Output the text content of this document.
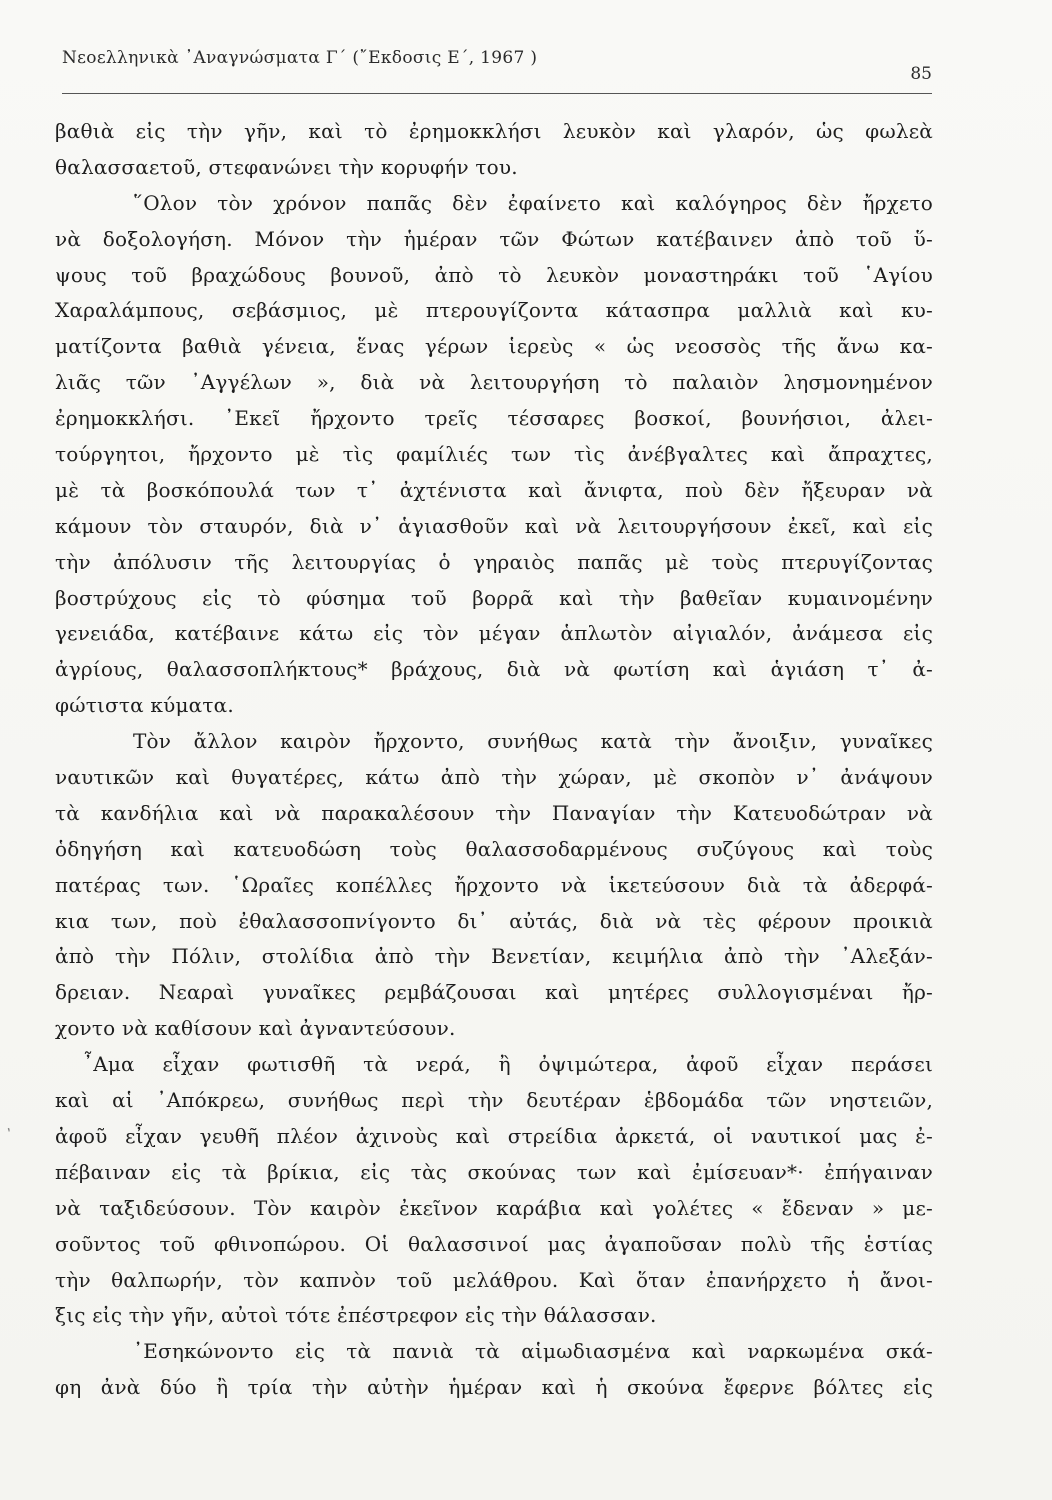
Νεοελληνικὰ ᾿Αναγνώσματα Γ΄ (῎Εκδοσις Ε΄, 1967 )
85
βαθιὰ εἰς τὴν γῆν, καὶ τὸ ἐρημοκκλήσι λευκὸν καὶ γλαρόν, ὡς φωλεὰ
θαλασσαετοῦ, στεφανώνει τὴν κορυφήν του.
῞Ολον τὸν χρόνον παπᾶς δὲν ἐφαίνετο καὶ καλόγηρος δὲν ἤρχετο
νὰ δοξολογήση. Μόνον τὴν ἡμέραν τῶν Φώτων κατέβαινεν ἀπὸ τοῦ ὕ-
ψους τοῦ βραχώδους βουνοῦ, ἀπὸ τὸ λευκὸν μοναστηράκι τοῦ ῾Αγίου
Χαραλάμπους, σεβάσμιος, μὲ πτερουγίζοντα κάτασπρα μαλλιὰ καὶ κυ-
ματίζοντα βαθιὰ γένεια, ἕνας γέρων ἱερεὺς « ὡς νεοσσὸς τῆς ἄνω κα-
λιᾶς τῶν ᾿Αγγέλων », διὰ νὰ λειτουργήση τὸ παλαιὸν λησμονημένον
ἐρημοκκλήσι. ᾿Εκεῖ ἤρχοντο τρεῖς τέσσαρες βοσκοί, βουνήσιοι, ἀλει-
τούργητοι, ἤρχοντο μὲ τὶς φαμίλιές των τὶς ἀνέβγαλτες καὶ ἄπραχτες,
μὲ τὰ βοσκόπουλά των τ᾿ ἀχτένιστα καὶ ἄνιφτα, ποὺ δὲν ἤξευραν νὰ
κάμουν τὸν σταυρόν, διὰ ν᾿ ἁγιασθοῦν καὶ νὰ λειτουργήσουν ἐκεῖ, καὶ εἰς
τὴν ἀπόλυσιν τῆς λειτουργίας ὁ γηραιὸς παπᾶς μὲ τοὺς πτερυγίζοντας
βοστρύχους εἰς τὸ φύσημα τοῦ βορρᾶ καὶ τὴν βαθεῖαν κυμαινομένην
γενειάδα, κατέβαινε κάτω εἰς τὸν μέγαν ἁπλωτὸν αἰγιαλόν, ἀνάμεσα εἰς
ἀγρίους, θαλασσοπλήκτους* βράχους, διὰ νὰ φωτίση καὶ ἁγιάση τ᾿ ἀ-
φώτιστα κύματα.
Τὸν ἄλλον καιρὸν ἤρχοντο, συνήθως κατὰ τὴν ἄνοιξιν, γυναῖκες
ναυτικῶν καὶ θυγατέρες, κάτω ἀπὸ τὴν χώραν, μὲ σκοπὸν ν᾿ ἀνάψουν
τὰ κανδήλια καὶ νὰ παρακαλέσουν τὴν Παναγίαν τὴν Κατευοδώτραν νὰ
ὁδηγήση καὶ κατευοδώση τοὺς θαλασσοδαρμένους συζύγους καὶ τοὺς
πατέρας των. ῾Ωραῖες κοπέλλες ἤρχοντο νὰ ἱκετεύσουν διὰ τὰ ἀδερφά-
κια των, ποὺ ἐθαλασσοπνίγοντο δι᾿ αὐτάς, διὰ νὰ τὲς φέρουν προικιὰ
ἀπὸ τὴν Πόλιν, στολίδια ἀπὸ τὴν Βενετίαν, κειμήλια ἀπὸ τὴν ᾿Αλεξάν-
δρειαν. Νεαραὶ γυναῖκες ρεμβάζουσαι καὶ μητέρες συλλογισμέναι ἤρ-
χοντο νὰ καθίσουν καὶ ἀγναντεύσουν.
῏Αμα εἶχαν φωτισθῆ τὰ νερά, ἢ ὀψιμώτερα, ἀφοῦ εἶχαν περάσει
καὶ αἱ ᾿Απόκρεω, συνήθως περὶ τὴν δευτέραν ἑβδομάδα τῶν νηστειῶν,
ἀφοῦ εἶχαν γευθῆ πλέον ἀχινοὺς καὶ στρείδια ἀρκετά, οἱ ναυτικοί μας ἐ-
πέβαιναν εἰς τὰ βρίκια, εἰς τὰς σκούνας των καὶ ἐμίσευαν*· ἐπήγαιναν
νὰ ταξιδεύσουν. Τὸν καιρὸν ἐκεῖνον καράβια καὶ γολέτες « ἔδεναν » με-
σοῦντος τοῦ φθινοπώρου. Οἱ θαλασσινοί μας ἀγαποῦσαν πολὺ τῆς ἑστίας
τὴν θαλπωρήν, τὸν καπνὸν τοῦ μελάθρου. Καὶ ὅταν ἐπανήρχετο ἡ ἄνοι-
ξις εἰς τὴν γῆν, αὐτοὶ τότε ἐπέστρεφον εἰς τὴν θάλασσαν.
᾿Εσηκώνοντο εἰς τὰ πανιὰ τὰ αἱμωδιασμένα καὶ ναρκωμένα σκά-
φη ἀνὰ δύο ἢ τρία τὴν αὐτὴν ἡμέραν καὶ ἡ σκούνα ἔφερνε βόλτες εἰς
ʼ
